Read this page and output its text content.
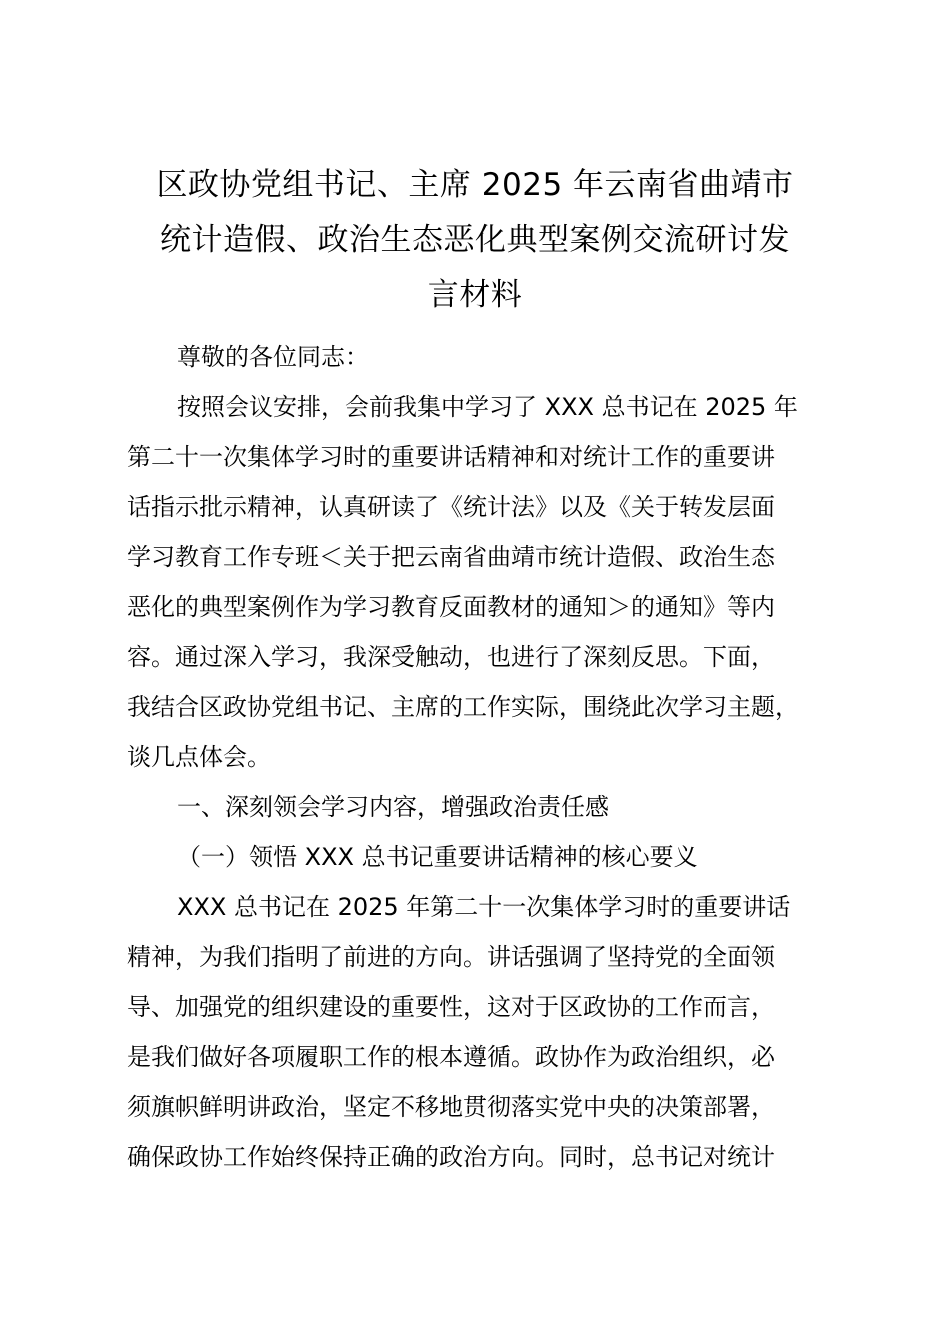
区政协党组书记、主席 2025 年云南省曲靖市
统计造假、政治生态恶化典型案例交流研讨发
言材料
尊敬的各位同志：

按照会议安排，会前我集中学习了 XXX 总书记在 2025 年
第二十一次集体学习时的重要讲话精神和对统计工作的重要讲
话指示批示精神，认真研读了《统计法》以及《关于转发层面
学习教育工作专班＜关于把云南省曲靖市统计造假、政治生态
恶化的典型案例作为学习教育反面教材的通知＞的通知》等内
容。通过深入学习，我深受触动，也进行了深刻反思。下面，
我结合区政协党组书记、主席的工作实际，围绕此次学习主题，
谈几点体会。

一、深刻领会学习内容，增强政治责任感
（一）领悟 XXX 总书记重要讲话精神的核心要义

XXX 总书记在 2025 年第二十一次集体学习时的重要讲话
精神，为我们指明了前进的方向。讲话强调了坚持党的全面领
导、加强党的组织建设的重要性，这对于区政协的工作而言，
是我们做好各项履职工作的根本遵循。政协作为政治组织，必
须旗帜鲜明讲政治，坚定不移地贯彻落实党中央的决策部署，
确保政协工作始终保持正确的政治方向。同时，总书记对统计
